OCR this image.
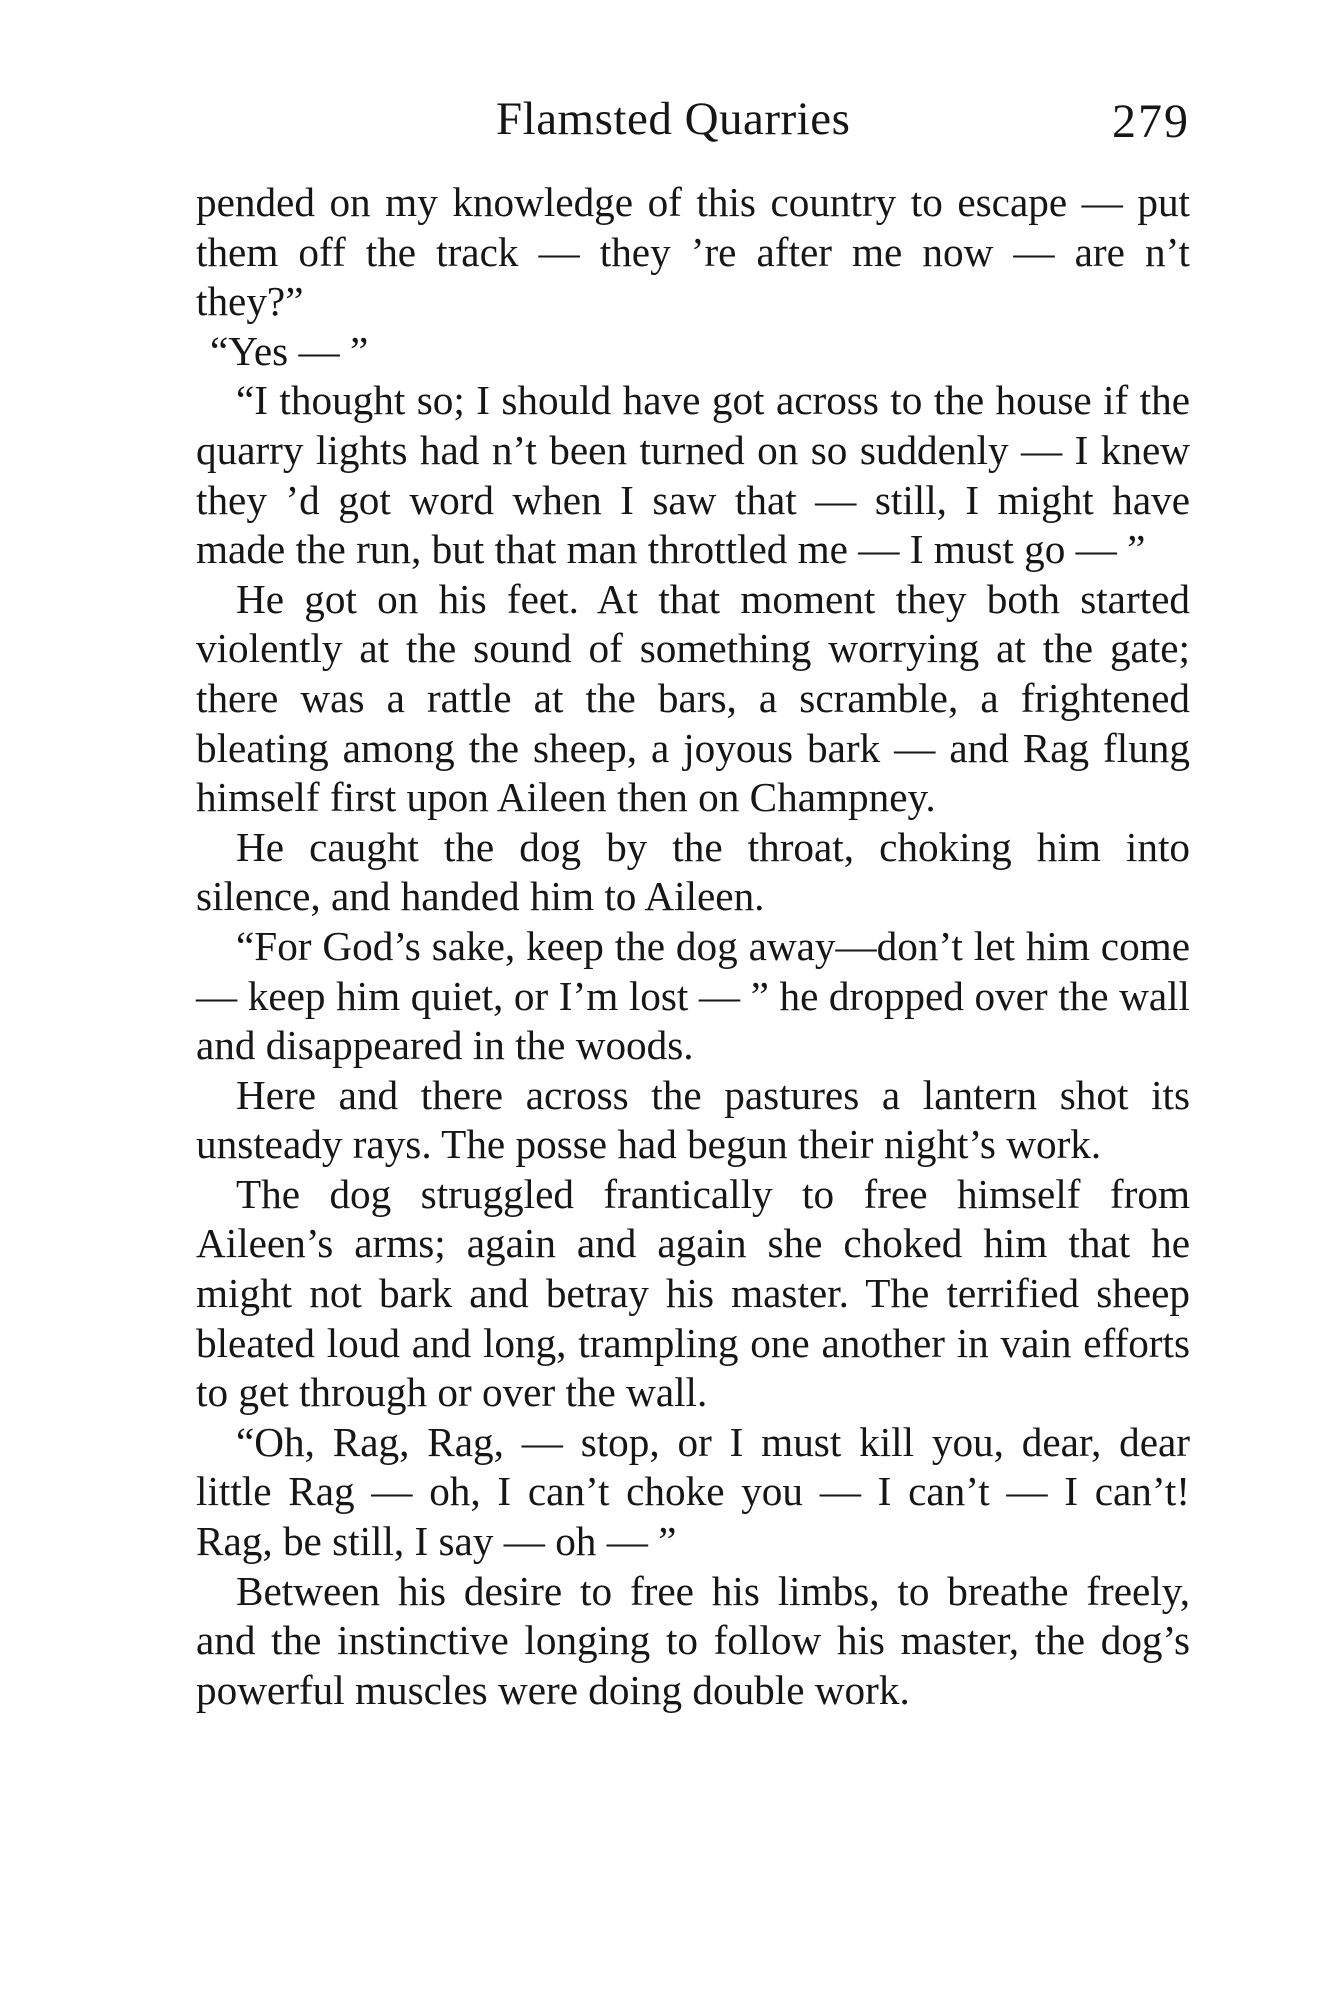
Flamsted Quarries	279

pended on my knowledge of this country to escape — put them off the track — they ’re after me now — are n’t they?”

“Yes — ”

“I thought so; I should have got across to the house if the quarry lights had n’t been turned on so suddenly — I knew they ’d got word when I saw that — still, I might have made the run, but that man throttled me — I must go — ”

He got on his feet. At that moment they both started violently at the sound of something worrying at the gate; there was a rattle at the bars, a scramble, a frightened bleating among the sheep, a joyous bark — and Rag flung himself first upon Aileen then on Champney.

He caught the dog by the throat, choking him into silence, and handed him to Aileen.

“For God’s sake, keep the dog away—don’t let him come — keep him quiet, or I’m lost — ” he dropped over the wall and disappeared in the woods.

Here and there across the pastures a lantern shot its unsteady rays. The posse had begun their night’s work.

The dog struggled frantically to free himself from Aileen’s arms; again and again she choked him that he might not bark and betray his master. The terrified sheep bleated loud and long, trampling one another in vain efforts to get through or over the wall.

“Oh, Rag, Rag, — stop, or I must kill you, dear, dear little Rag — oh, I can’t choke you — I can’t — I can’t! Rag, be still, I say — oh — ”

Between his desire to free his limbs, to breathe freely, and the instinctive longing to follow his master, the dog’s powerful muscles were doing double work.
